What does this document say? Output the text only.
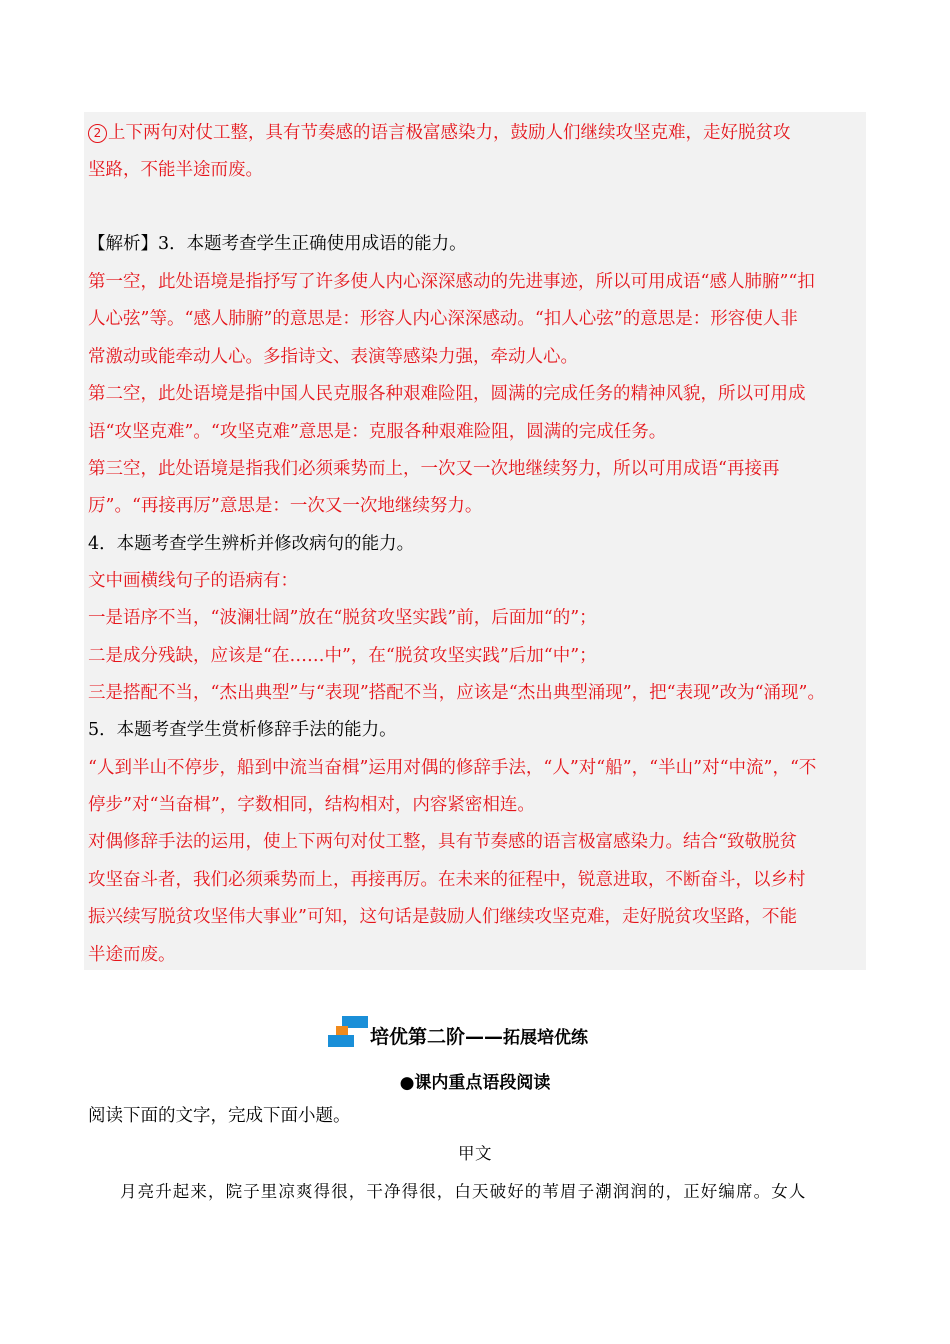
2 上下两句对仗工整，具有节奏感的语言极富感染力，鼓励人们继续攻坚克难，走好脱贫攻
坚路，不能半途而废。
【解析】3．本题考查学生正确使用成语的能力。
第一空，此处语境是指抒写了许多使人内心深深感动的先进事迹，所以可用成语“感人肺腑”“扣
人心弦”等。“感人肺腑”的意思是：形容人内心深深感动。“扣人心弦”的意思是：形容使人非
常激动或能牵动人心。多指诗文、表演等感染力强，牵动人心。
第二空，此处语境是指中国人民克服各种艰难险阻，圆满的完成任务的精神风貌，所以可用成
语“攻坚克难”。“攻坚克难”意思是：克服各种艰难险阻，圆满的完成任务。
第三空，此处语境是指我们必须乘势而上，一次又一次地继续努力，所以可用成语“再接再
厉”。“再接再厉”意思是：一次又一次地继续努力。
4．本题考查学生辨析并修改病句的能力。
文中画横线句子的语病有：
一是语序不当，“波澜壮阔”放在“脱贫攻坚实践”前，后面加“的”；
二是成分残缺，应该是“在……中”，在“脱贫攻坚实践”后加“中”；
三是搭配不当，“杰出典型”与“表现”搭配不当，应该是“杰出典型涌现”，把“表现”改为“涌现”。
5．本题考查学生赏析修辞手法的能力。
“人到半山不停步，船到中流当奋楫”运用对偶的修辞手法，“人”对“船”，“半山”对“中流”，“不
停步”对“当奋楫”，字数相同，结构相对，内容紧密相连。
对偶修辞手法的运用，使上下两句对仗工整，具有节奏感的语言极富感染力。结合“致敬脱贫
攻坚奋斗者，我们必须乘势而上，再接再厉。在未来的征程中，锐意进取，不断奋斗，以乡村
振兴续写脱贫攻坚伟大事业”可知，这句话是鼓励人们继续攻坚克难，走好脱贫攻坚路，不能
半途而废。
培优第二阶——拓展培优练
●课内重点语段阅读
阅读下面的文字，完成下面小题。
甲文
月亮升起来，院子里凉爽得很，干净得很，白天破好的苇眉子潮润润的，正好编席。女人
